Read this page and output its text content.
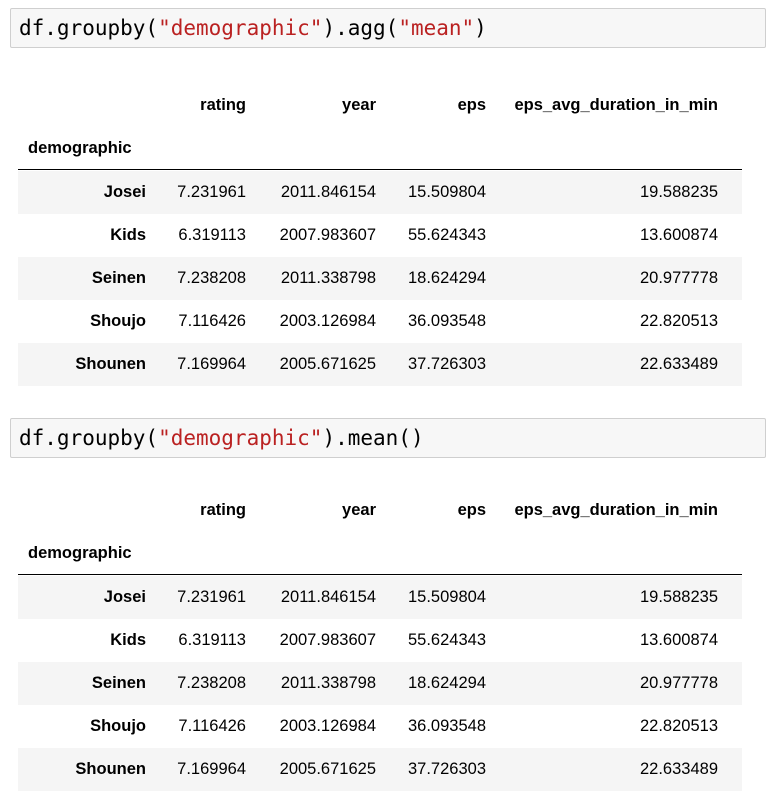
df.groupby("demographic").agg("mean")
rating	year	eps eps_avg_duration_in_min
demographic
Josei 7.231961 2011.846154 15.509804	19.588235
Kids 6.319113 2007.983607 55.624343	13.600874
Seinen 7.238208 2011.338798 18.624294	20.977778
Shoujo 7.116426 2003.126984 36.093548	22.820513
Shounen 7.169964 2005.671625 37.726303	22.633489
df.groupby("demographic").mean()
rating	year	eps eps_avg_duration_in_min
demographic
Josei 7.231961 2011.846154 15.509804	19.588235
Kids 6.319113 2007.983607 55.624343	13.600874
Seinen 7.238208 2011.338798 18.624294	20.977778
Shoujo 7.116426 2003.126984 36.093548	22.820513
Shounen 7.169964 2005.671625 37.726303	22.633489
